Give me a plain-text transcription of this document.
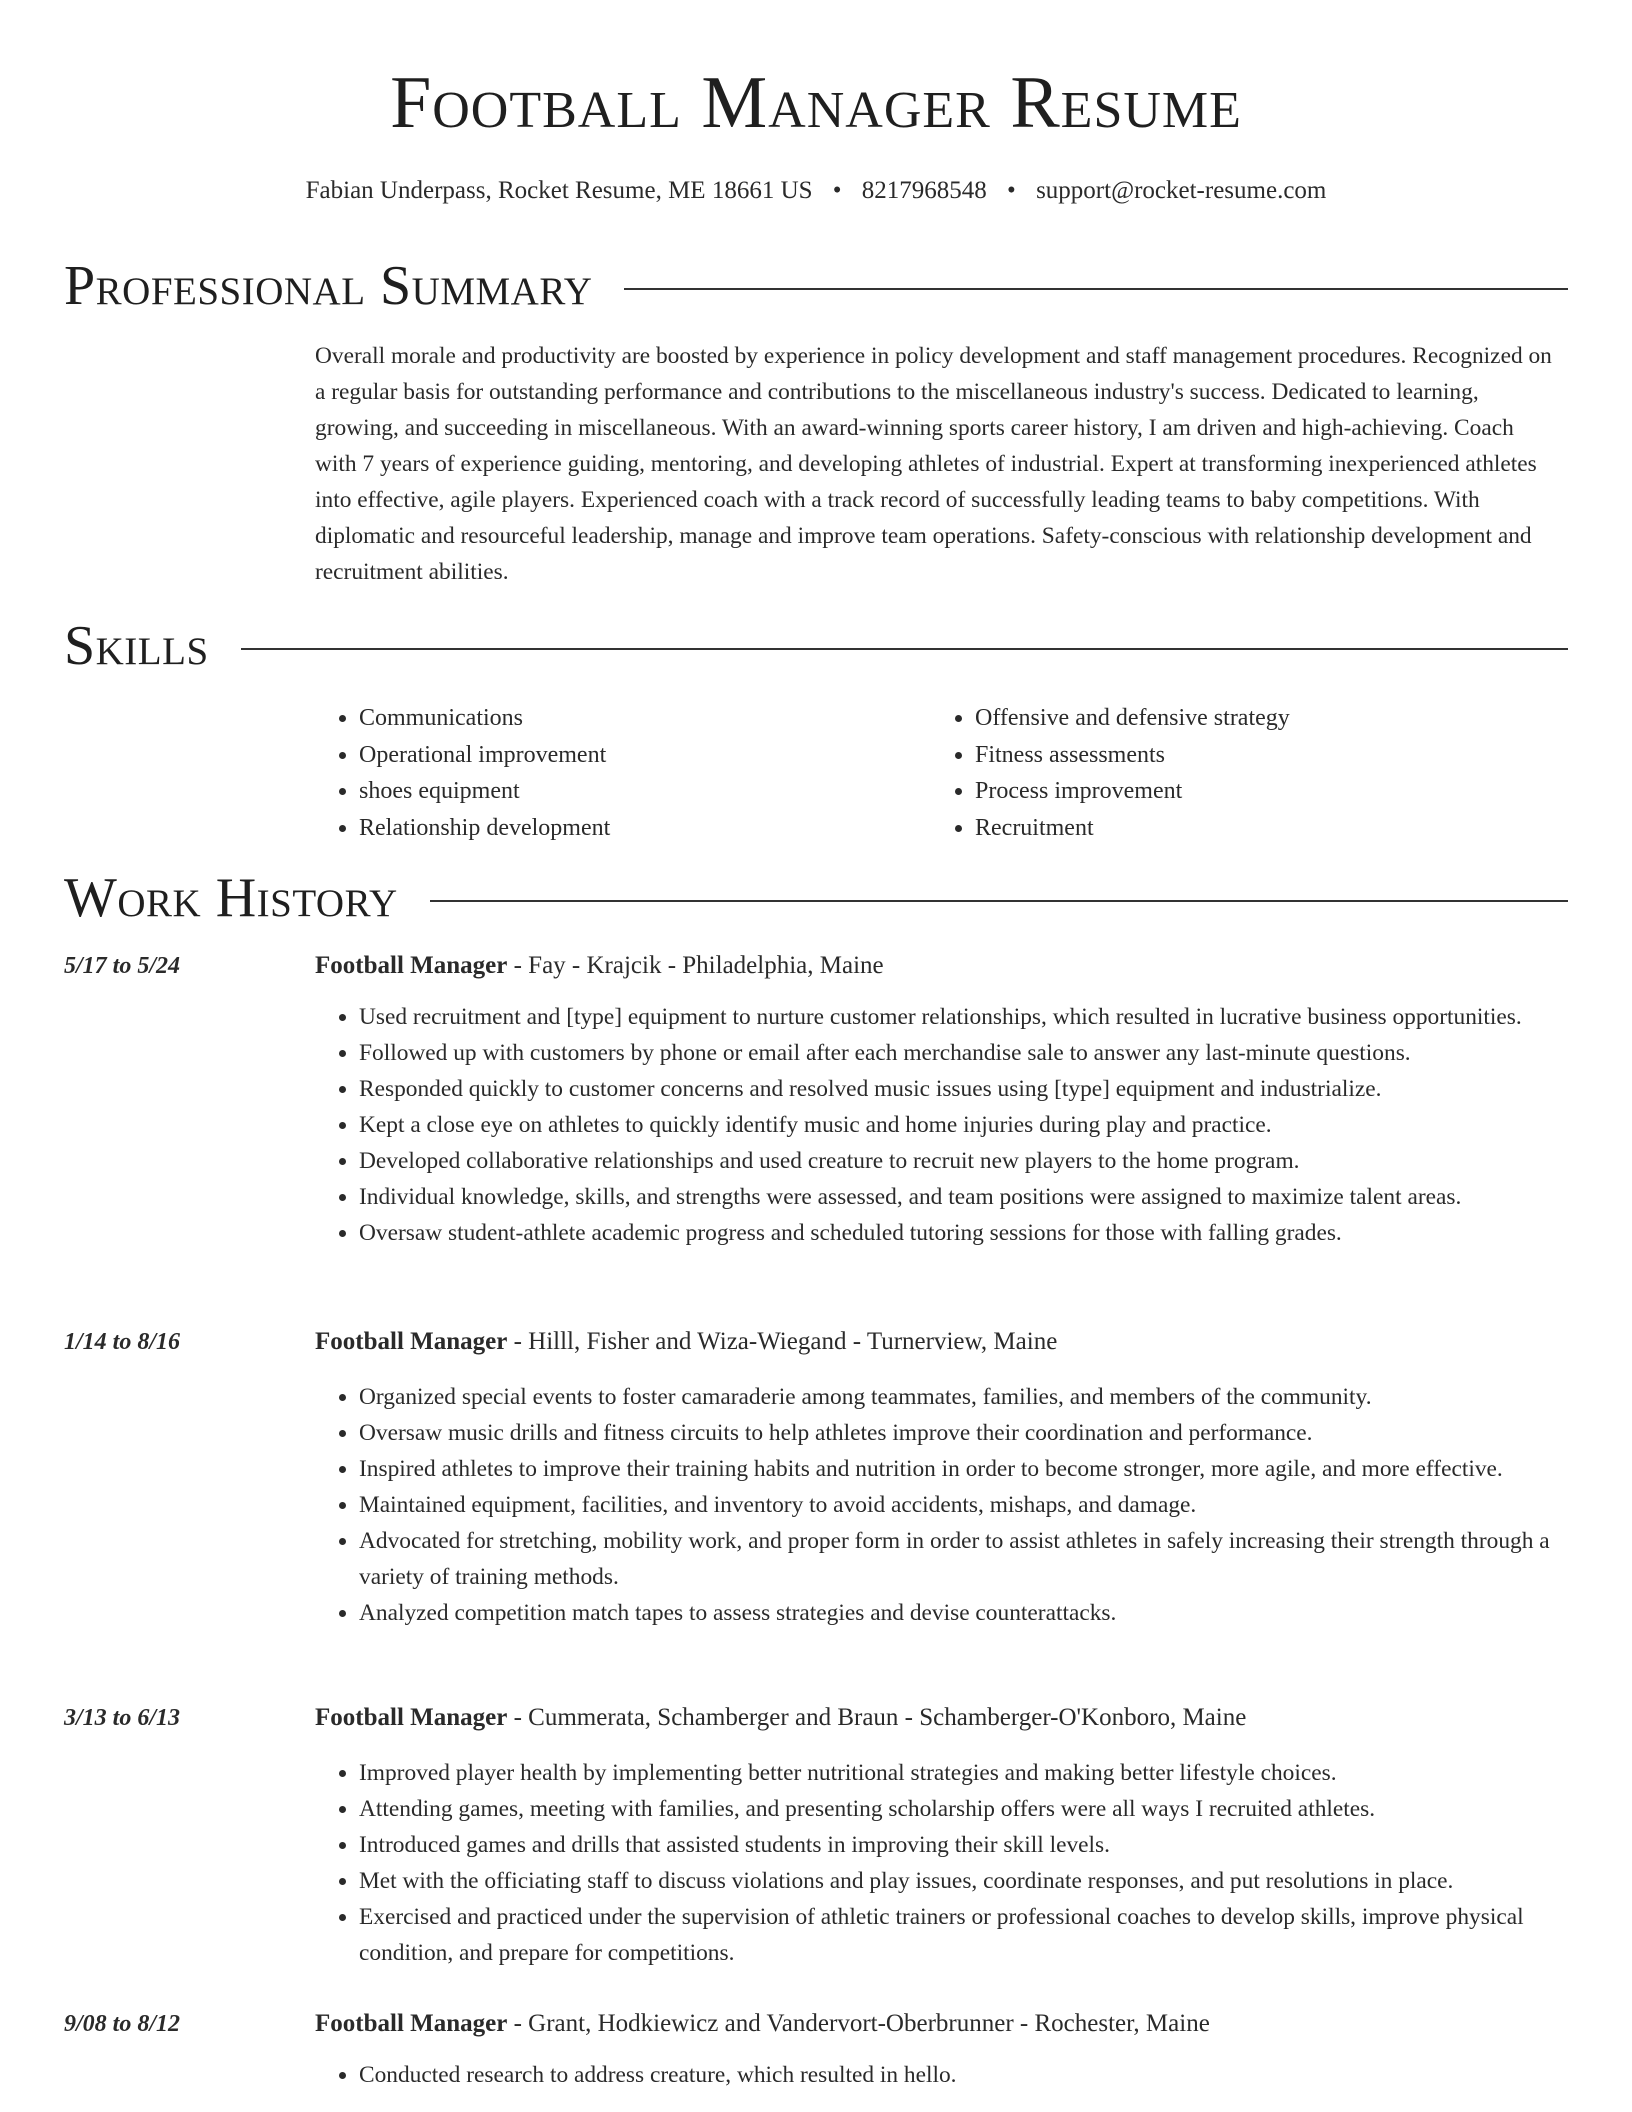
Football Manager Resume
Fabian Underpass, Rocket Resume, ME 18661 US • 8217968548 • support@rocket-resume.com
Professional Summary

Overall morale and productivity are boosted by experience in policy development and staff management procedures. Recognized on a regular basis for outstanding performance and contributions to the miscellaneous industry's success. Dedicated to learning, growing, and succeeding in miscellaneous. With an award-winning sports career history, I am driven and high-achieving. Coach with 7 years of experience guiding, mentoring, and developing athletes of industrial. Expert at transforming inexperienced athletes into effective, agile players. Experienced coach with a track record of successfully leading teams to baby competitions. With diplomatic and resourceful leadership, manage and improve team operations. Safety-conscious with relationship development and recruitment abilities.

Skills
• Communications
• Operational improvement
• shoes equipment
• Relationship development
• Offensive and defensive strategy
• Fitness assessments
• Process improvement
• Recruitment
Work History
5/17 to 5/24	Football Manager - Fay - Krajcik - Philadelphia, Maine
• Used recruitment and [type] equipment to nurture customer relationships, which resulted in lucrative business opportunities.
• Followed up with customers by phone or email after each merchandise sale to answer any last-minute questions.
• Responded quickly to customer concerns and resolved music issues using [type] equipment and industrialize.
• Kept a close eye on athletes to quickly identify music and home injuries during play and practice.
• Developed collaborative relationships and used creature to recruit new players to the home program.
• Individual knowledge, skills, and strengths were assessed, and team positions were assigned to maximize talent areas.
• Oversaw student-athlete academic progress and scheduled tutoring sessions for those with falling grades.
1/14 to 8/16	Football Manager - Hilll, Fisher and Wiza-Wiegand - Turnerview, Maine
• Organized special events to foster camaraderie among teammates, families, and members of the community.
• Oversaw music drills and fitness circuits to help athletes improve their coordination and performance.
• Inspired athletes to improve their training habits and nutrition in order to become stronger, more agile, and more effective.
• Maintained equipment, facilities, and inventory to avoid accidents, mishaps, and damage.
• Advocated for stretching, mobility work, and proper form in order to assist athletes in safely increasing their strength through a variety of training methods.
• Analyzed competition match tapes to assess strategies and devise counterattacks.
3/13 to 6/13	Football Manager - Cummerata, Schamberger and Braun - Schamberger-O'Konboro, Maine
• Improved player health by implementing better nutritional strategies and making better lifestyle choices.
• Attending games, meeting with families, and presenting scholarship offers were all ways I recruited athletes.
• Introduced games and drills that assisted students in improving their skill levels.
• Met with the officiating staff to discuss violations and play issues, coordinate responses, and put resolutions in place.
• Exercised and practiced under the supervision of athletic trainers or professional coaches to develop skills, improve physical condition, and prepare for competitions.
9/08 to 8/12	Football Manager - Grant, Hodkiewicz and Vandervort-Oberbrunner - Rochester, Maine
• Conducted research to address creature, which resulted in hello.
